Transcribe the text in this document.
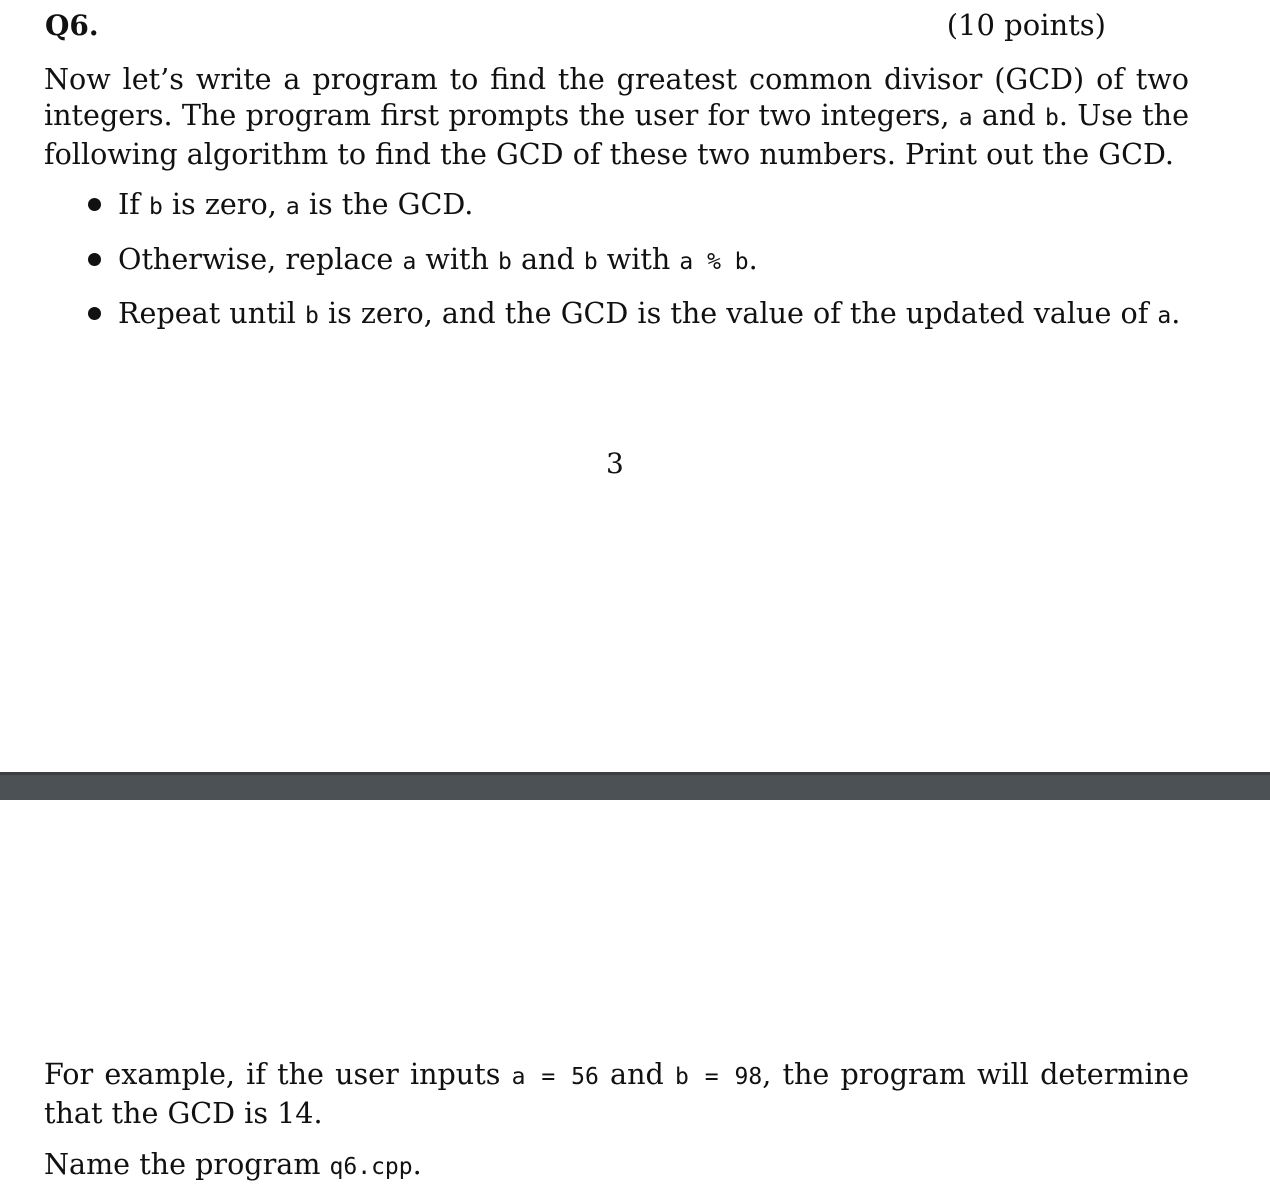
Q6.	(10 points)
Now let’s write a program to find the greatest common divisor (GCD) of two integers. The program first prompts the user for two integers, a and b. Use the following algorithm to find the GCD of these two numbers. Print out the GCD.
If b is zero, a is the GCD.
Otherwise, replace a with b and b with a % b.
Repeat until b is zero, and the GCD is the value of the updated value of a.
3
For example, if the user inputs a = 56 and b = 98, the program will determine that the GCD is 14.
Name the program q6.cpp.
